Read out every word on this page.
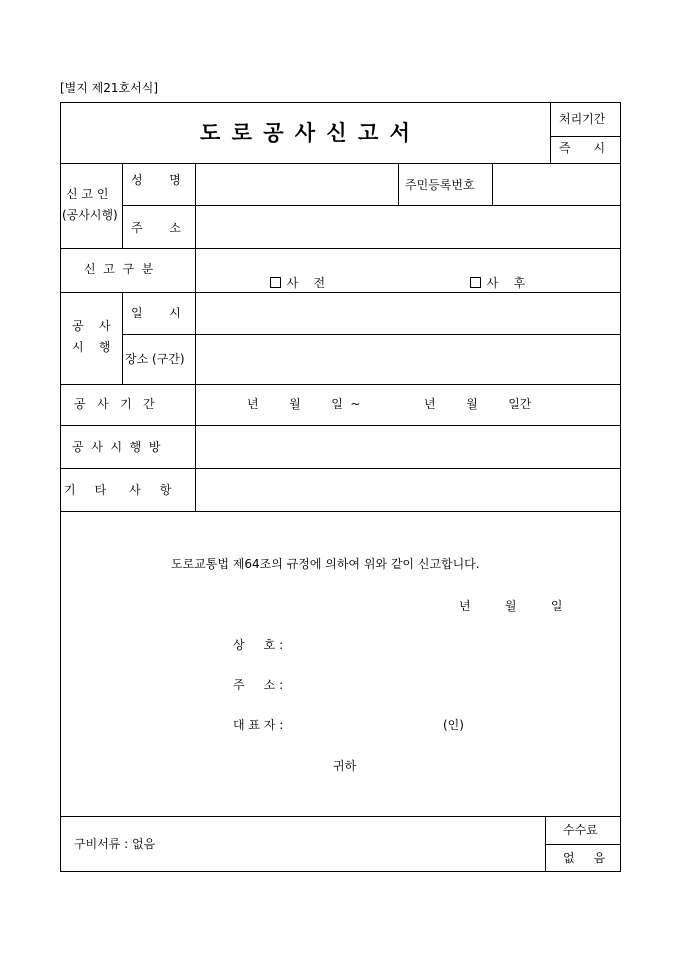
[별지 제21호서식]
도 로 공 사 신 고 서
처리기간
즉      시
신 고 인
(공사시행)
성       명	주민등록번호
주       소
신  고  구  분

사    전	사    후

공    사
시    행
일       시
장소 (구간)
공   사   기   간	년        월        일  ~	년        월        일간
공  사  시  행  방
기     타      사     항
도로교통법 제64조의 규정에 의하여 위와 같이 신고합니다.
년         월         일
상     호 :
주     소 :
대 표 자 :	(인)
귀하
구비서류 : 없음
수수료
없     음
